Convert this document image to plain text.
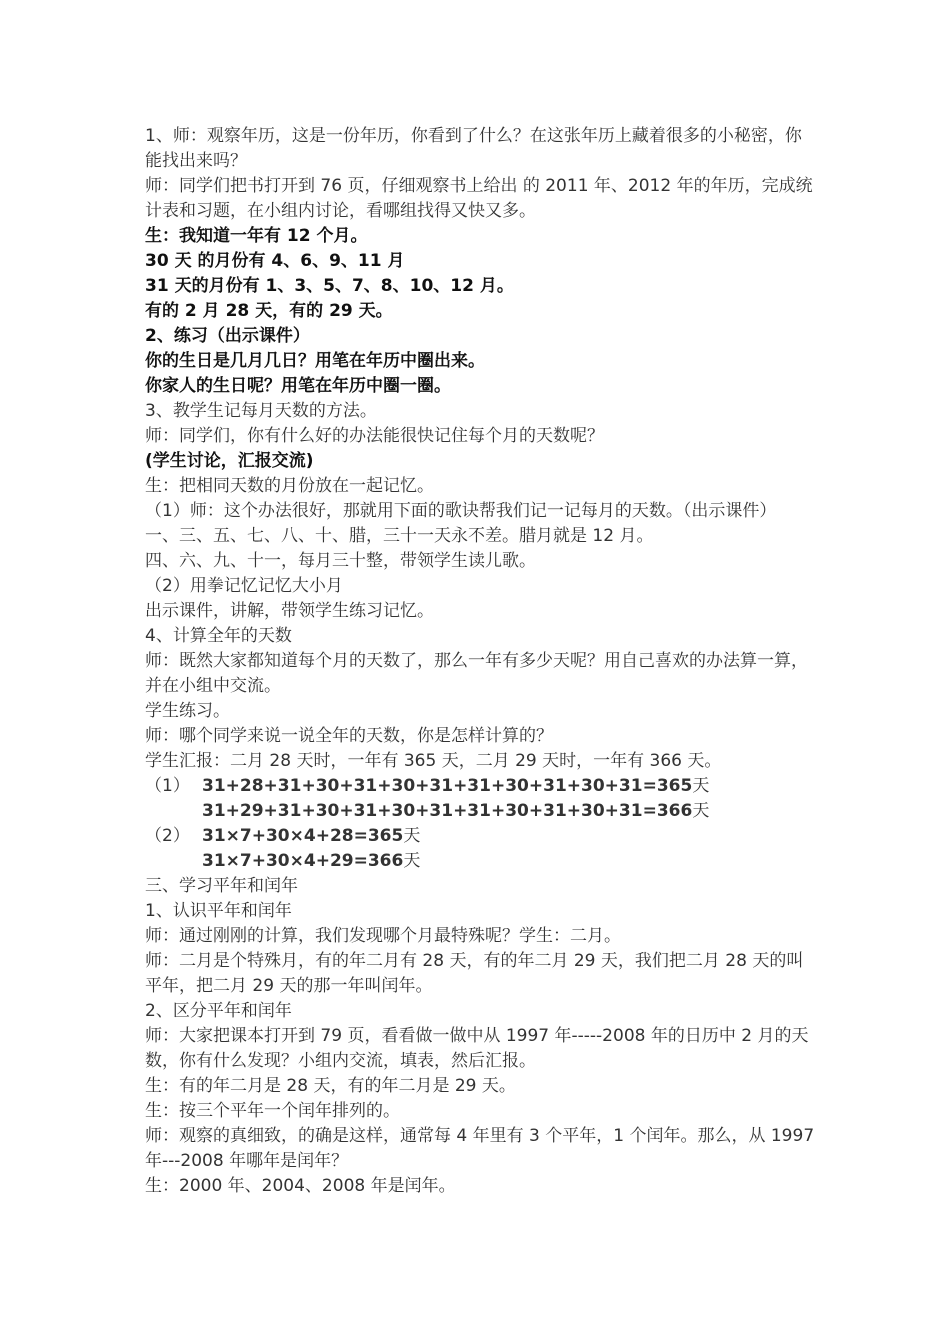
1、师：观察年历，这是一份年历，你看到了什么？在这张年历上藏着很多的小秘密，你能找出来吗？

师：同学们把书打开到 76 页，仔细观察书上给出 的 2011 年、2012 年的年历，完成统计表和习题，在小组内讨论，看哪组找得又快又多。

生：我知道一年有 12 个月。

30 天 的月份有 4、6、9、11 月

31 天的月份有 1、3、5、7、8、10、12 月。

有的 2 月 28 天，有的 29 天。

2、练习（出示课件）

你的生日是几月几日？用笔在年历中圈出来。

你家人的生日呢？用笔在年历中圈一圈。

3、教学生记每月天数的方法。

师：同学们，你有什么好的办法能很快记住每个月的天数呢？

(学生讨论，汇报交流)

生：把相同天数的月份放在一起记忆。

（1）师：这个办法很好，那就用下面的歌诀帮我们记一记每月的天数。（出示课件）

一、三、五、七、八、十、腊，三十一天永不差。腊月就是 12 月。

四、六、九、十一，每月三十整，带领学生读儿歌。

（2）用拳记忆记忆大小月

出示课件，讲解，带领学生练习记忆。

4、计算全年的天数

师：既然大家都知道每个月的天数了，那么一年有多少天呢？用自己喜欢的办法算一算，并在小组中交流。

学生练习。

师：哪个同学来说一说全年的天数，你是怎样计算的？

学生汇报：二月 28 天时，一年有 365 天，二月 29 天时，一年有 366 天。

（1） 31+28+31+30+31+30+31+31+30+31+30+31=365 天
31+29+31+30+31+30+31+31+30+31+30+31=366 天
（2） 31×7+30×4+28=365 天
31×7+30×4+29=366 天

三、学习平年和闰年

1、认识平年和闰年

师：通过刚刚的计算，我们发现哪个月最特殊呢？学生：二月。

师：二月是个特殊月，有的年二月有 28 天，有的年二月 29 天，我们把二月 28 天的叫平年，把二月 29 天的那一年叫闰年。

2、区分平年和闰年

师：大家把课本打开到 79 页，看看做一做中从 1997 年-----2008 年的日历中 2 月的天数，你有什么发现？小组内交流，填表，然后汇报。

生：有的年二月是 28 天，有的年二月是 29 天。

生：按三个平年一个闰年排列的。

师：观察的真细致，的确是这样，通常每 4 年里有 3 个平年，1 个闰年。那么，从 1997 年---2008 年哪年是闰年？

生：2000 年、2004、2008 年是闰年。
